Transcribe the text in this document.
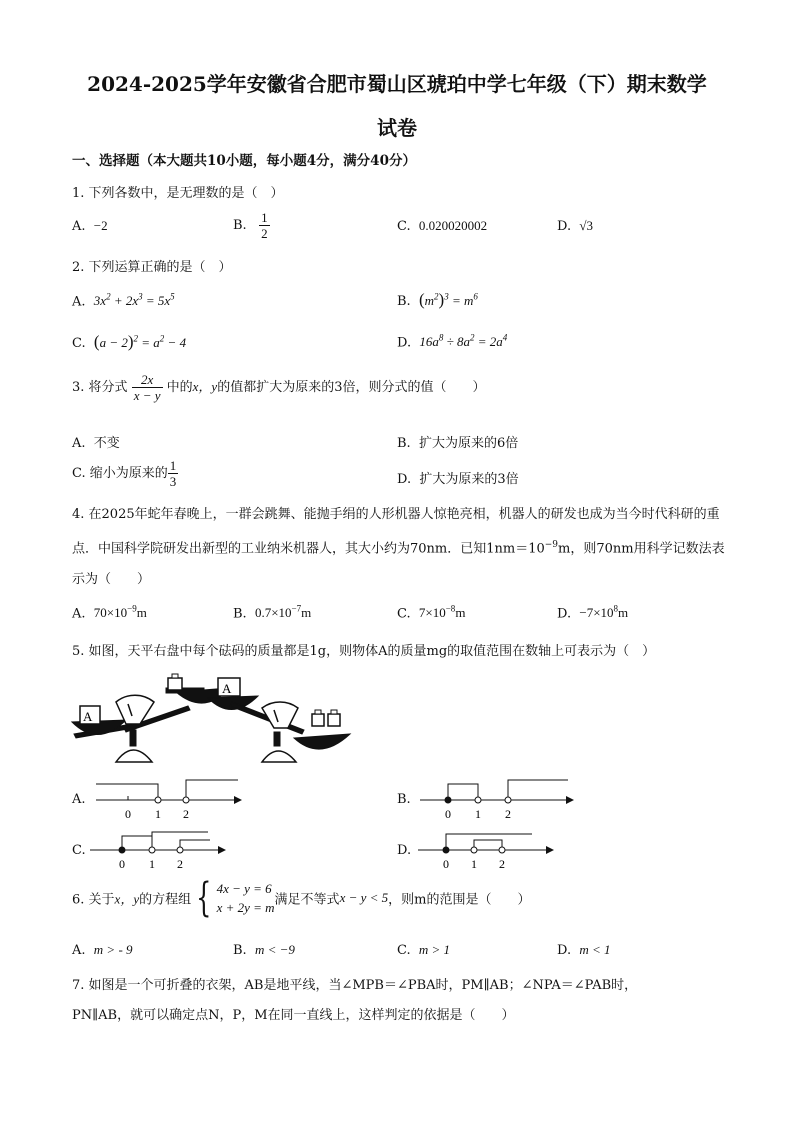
2024-2025学年安徽省合肥市蜀山区琥珀中学七年级（下）期末数学
试卷
一、选择题（本大题共10小题，每小题4分，满分40分）
1. 下列各数中，是无理数的是（　）
A. −2	B. $\frac{1}{2}$	C. 0.020020002	D. √3
2. 下列运算正确的是（　）
A. $3x^2 + 2x^3 = 5x^5$	B. $(m^2)^3 = m^6$
C. $(a - 2)^2 = a^2 - 4$	D. $16a^8 \div 8a^2 = 2a^4$
3. 将分式 $\frac{2x}{x - y}$ 中的x，y的值都扩大为原来的3倍，则分式的值（　　）
A. 不变	B. 扩大为原来的6倍
C. 缩小为原来的 $\frac{1}{3}$	D. 扩大为原来的3倍
4. 在2025年蛇年春晚上，一群会跳舞、能抛手绢的人形机器人惊艳亮相，机器人的研发也成为当今时代科研的重点．中国科学院研发出新型的工业纳米机器人，其大小约为70nm．已知$1nm=10^{-9}m$，则70nm用科学记数法表示为（　　）
A. $70\times 10^{-9}m$	B. $0.7\times 10^{-7}m$	C. $7\times 10^{-8}m$	D. $-7\times 10^8m$
5. 如图，天平右盘中每个砝码的质量都是1g，则物体A的质量mg的取值范围在数轴上可表示为（　）
A
A
A.
0 1 2
B.
0 1 2
C.
0 1 2
D.
0 1 2
6. 关于x，y的方程组 { 4x − y = 6
x + 2y = m 满足不等式x − y < 5，则m的范围是（　　）
A. m > - 9	B. m < −9	C. m > 1	D. m < 1
7. 如图是一个可折叠的衣架，AB是地平线，当∠MPB＝∠PBA时，PM∥AB；∠NPA＝∠PAB时，
PN∥AB，就可以确定点N，P，M在同一直线上，这样判定的依据是（　　）
